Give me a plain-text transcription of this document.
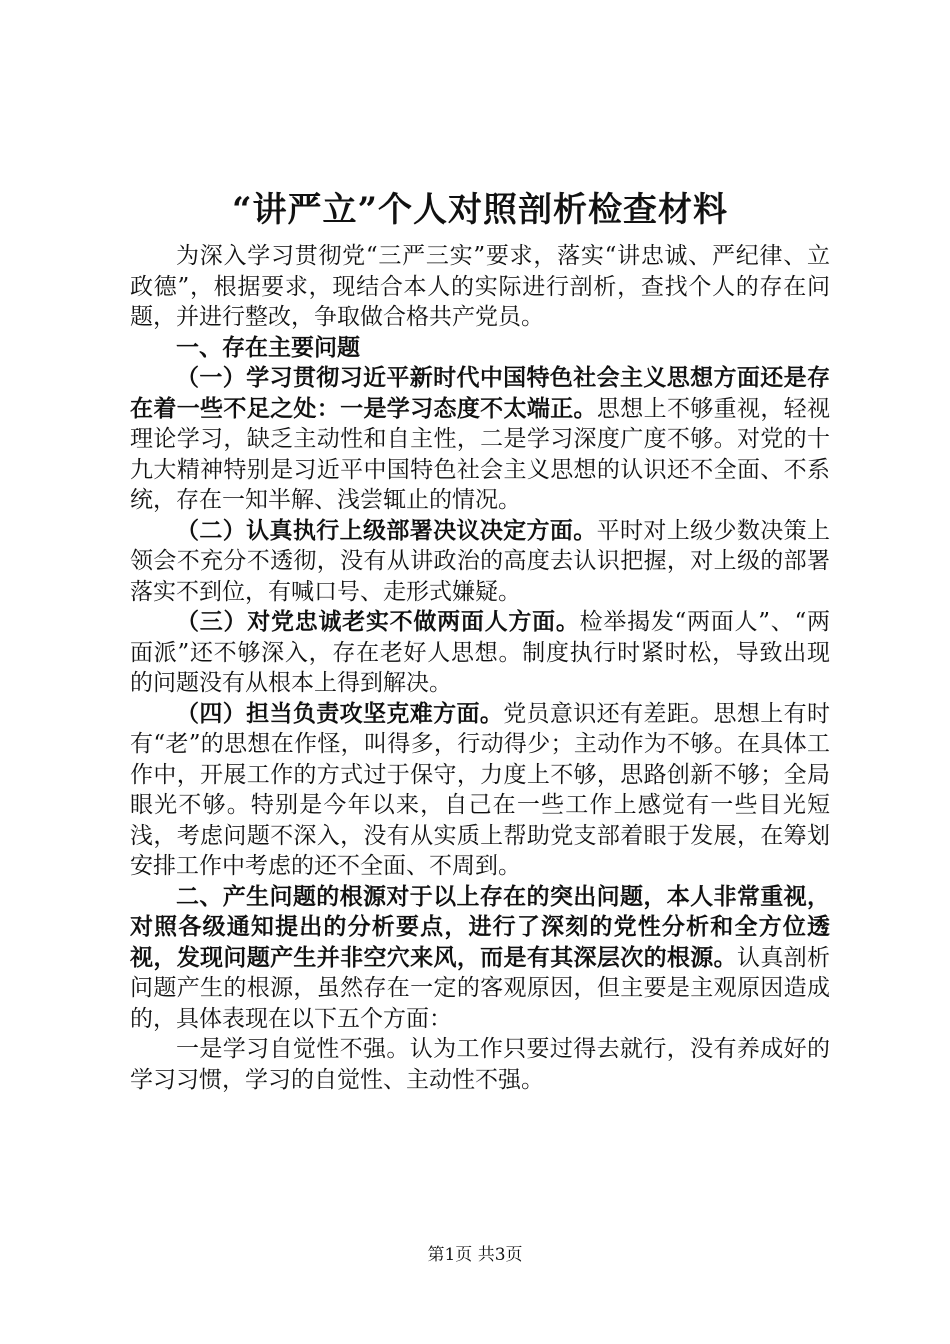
“讲严立”个人对照剖析检查材料

为深入学习贯彻党“三严三实”要求，落实“讲忠诚、严纪律、立政德”，根据要求，现结合本人的实际进行剖析，查找个人的存在问题，并进行整改，争取做合格共产党员。

一、存在主要问题

（一）学习贯彻习近平新时代中国特色社会主义思想方面还是存在着一些不足之处：一是学习态度不太端正。思想上不够重视，轻视理论学习，缺乏主动性和自主性，二是学习深度广度不够。对党的十九大精神特别是习近平中国特色社会主义思想的认识还不全面、不系统，存在一知半解、浅尝辄止的情况。

（二）认真执行上级部署决议决定方面。平时对上级少数决策上领会不充分不透彻，没有从讲政治的高度去认识把握，对上级的部署落实不到位，有喊口号、走形式嫌疑。

（三）对党忠诚老实不做两面人方面。检举揭发“两面人”、“两面派”还不够深入，存在老好人思想。制度执行时紧时松，导致出现的问题没有从根本上得到解决。

（四）担当负责攻坚克难方面。党员意识还有差距。思想上有时有“老”的思想在作怪，叫得多，行动得少；主动作为不够。在具体工作中，开展工作的方式过于保守，力度上不够，思路创新不够；全局眼光不够。特别是今年以来，自己在一些工作上感觉有一些目光短浅，考虑问题不深入，没有从实质上帮助党支部着眼于发展，在筹划安排工作中考虑的还不全面、不周到。

二、产生问题的根源对于以上存在的突出问题，本人非常重视，对照各级通知提出的分析要点，进行了深刻的党性分析和全方位透视，发现问题产生并非空穴来风，而是有其深层次的根源。认真剖析问题产生的根源，虽然存在一定的客观原因，但主要是主观原因造成的，具体表现在以下五个方面：

一是学习自觉性不强。认为工作只要过得去就行，没有养成好的学习习惯，学习的自觉性、主动性不强。

第1页 共3页
